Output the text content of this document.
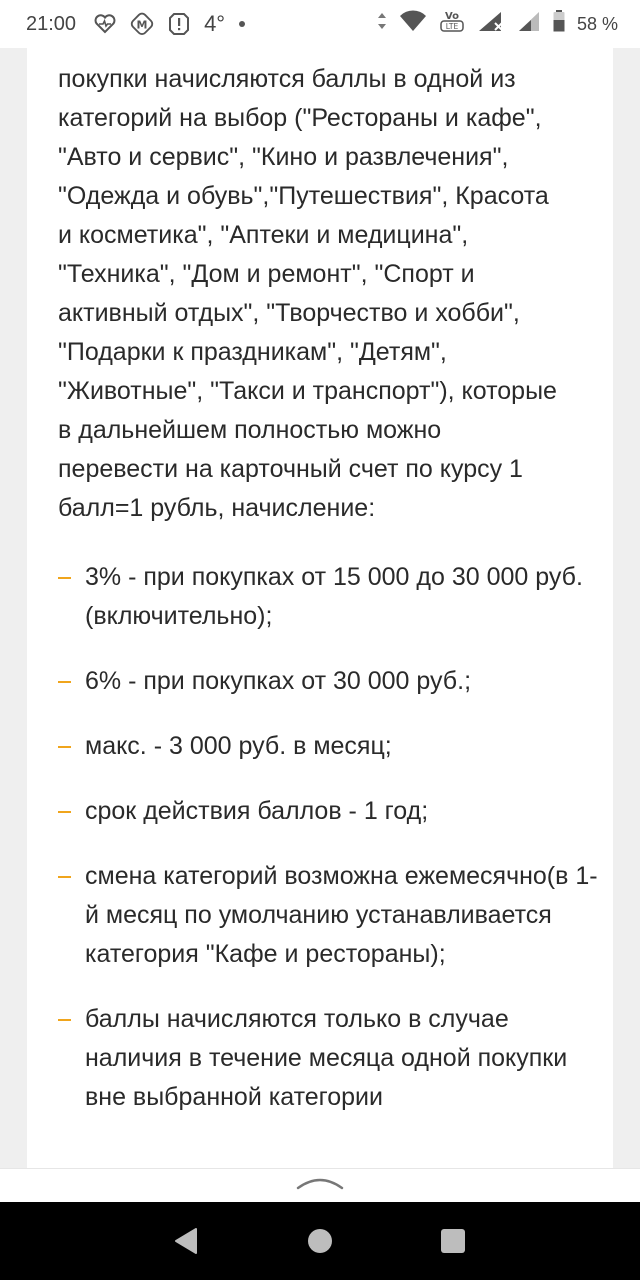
21:00	M	4°	Vo
LTE	58 %
покупки начисляются баллы в одной из
категорий на выбор ("Рестораны и кафе",
"Авто и сервис", "Кино и развлечения",
"Одежда и обувь","Путешествия", Красота
и косметика", "Аптеки и медицина",
"Техника", "Дом и ремонт", "Спорт и
активный отдых", "Творчество и хобби",
"Подарки к праздникам", "Детям",
"Животные", "Такси и транспорт"), которые
в дальнейшем полностью можно
перевести на карточный счет по курсу 1
балл=1 рубль, начисление:
3% - при покупках от 15 000 до 30 000 руб. (включительно);
6% - при покупках от 30 000 руб.;
макс. - 3 000 руб. в месяц;
срок действия баллов - 1 год;
смена категорий возможна ежемесячно(в 1-й месяц по умолчанию устанавливается категория "Кафе и рестораны);
баллы начисляются только в случае наличия в течение месяца одной покупки вне выбранной категории
